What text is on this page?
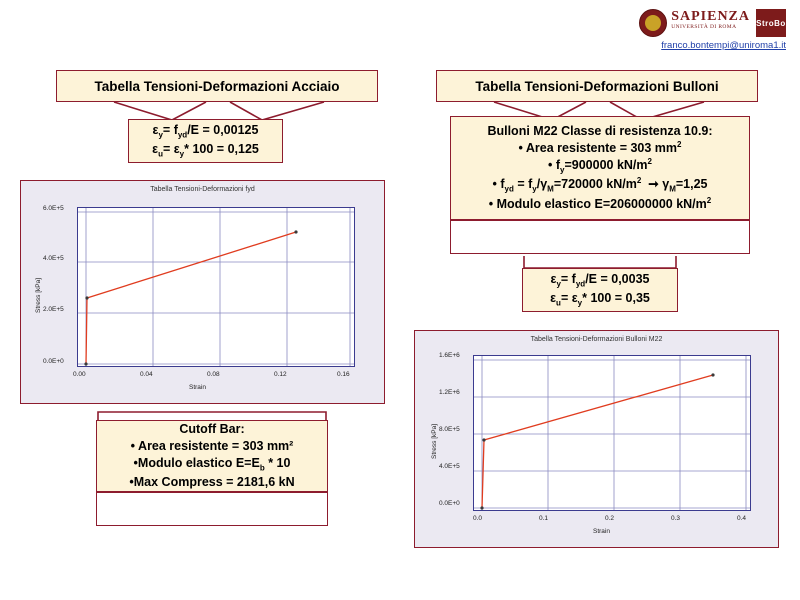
SAPIENZA
UNIVERSITÀ DI ROMA	StroBo
franco.bontempi@uniroma1.it
Tabella Tensioni-Deformazioni Acciaio
$\varepsilon_y= f_{yd}/E = 0,00125$
$\varepsilon_u= \varepsilon_y*$ 100 = 0,125
Tabella Tensioni-Deformazioni fyd
6.0E+5
4.0E+5
2.0E+5
0.0E+0
0.00	0.04	0.08	0.12	0.16
Strain
Stress [kPa]
Cutoff Bar:
• Area resistente = 303 mm²
•Modulo elastico $E=E_b * 10$
•Max Compress = 2181,6 kN
Tabella Tensioni-Deformazioni Bulloni
Bulloni M22 Classe di resistenza 10.9:
• Area resistente = 303 $mm^2$
• $f_y=900000$ $kN/m^2$
• $f_{yd} = f_y/\gamma_M=720000$ $kN/m^2$  ➞ $\gamma_M=1,25$
• Modulo elastico E=206000000 $kN/m^2$
$\varepsilon_y= f_{yd}/E = 0,0035$
$\varepsilon_u= \varepsilon_y*$ 100 = 0,35
Tabella Tensioni-Deformazioni Bulloni M22
1.6E+6
1.2E+6
8.0E+5
4.0E+5
0.0E+0
0.0	0.1	0.2	0.3	0.4
Strain
Stress [kPa]
